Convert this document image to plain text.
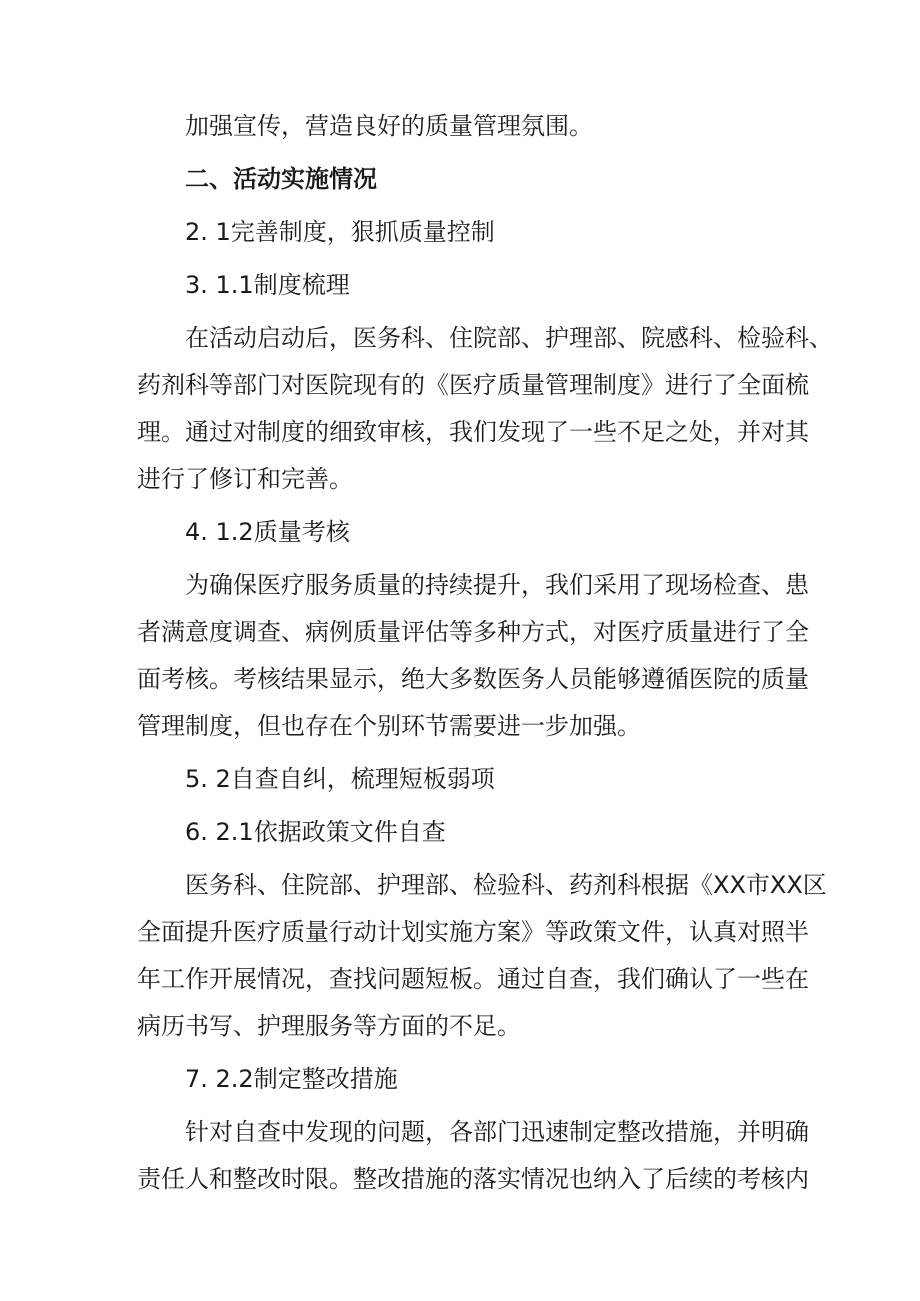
加强宣传，营造良好的质量管理氛围。
二、活动实施情况
2. 1完善制度，狠抓质量控制
3. 1.1制度梳理
在活动启动后，医务科、住院部、护理部、院感科、检验科、
药剂科等部门对医院现有的《医疗质量管理制度》进行了全面梳
理。通过对制度的细致审核，我们发现了一些不足之处，并对其
进行了修订和完善。
4. 1.2质量考核
为确保医疗服务质量的持续提升，我们采用了现场检查、患
者满意度调查、病例质量评估等多种方式，对医疗质量进行了全
面考核。考核结果显示，绝大多数医务人员能够遵循医院的质量
管理制度，但也存在个别环节需要进一步加强。
5. 2自查自纠，梳理短板弱项
6. 2.1依据政策文件自查
医务科、住院部、护理部、检验科、药剂科根据《XX市XX区
全面提升医疗质量行动计划实施方案》等政策文件，认真对照半
年工作开展情况，查找问题短板。通过自查，我们确认了一些在
病历书写、护理服务等方面的不足。
7. 2.2制定整改措施
针对自查中发现的问题，各部门迅速制定整改措施，并明确
责任人和整改时限。整改措施的落实情况也纳入了后续的考核内
